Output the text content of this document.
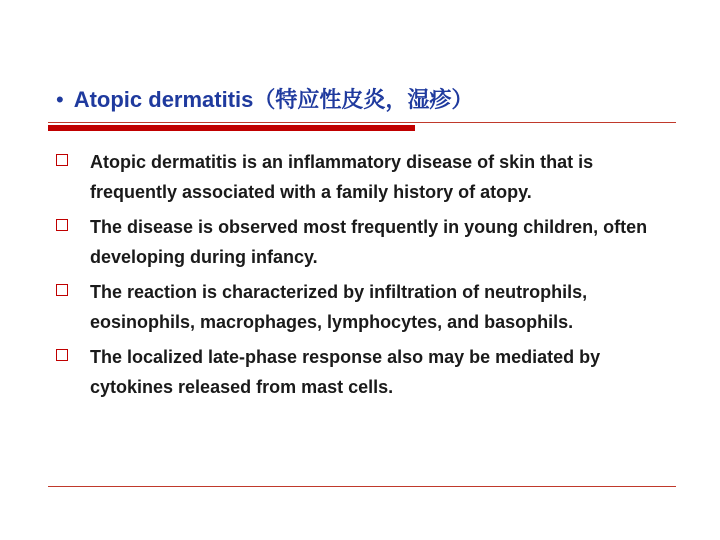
• Atopic dermatitis（特应性皮炎，湿疹）
Atopic dermatitis is an inflammatory disease of skin that is frequently associated with a family history of atopy.
The disease is observed most frequently in young children, often developing during infancy.
The reaction is characterized by infiltration of neutrophils, eosinophils, macrophages, lymphocytes, and basophils.
The localized late-phase response also may be mediated by cytokines released from mast cells.
